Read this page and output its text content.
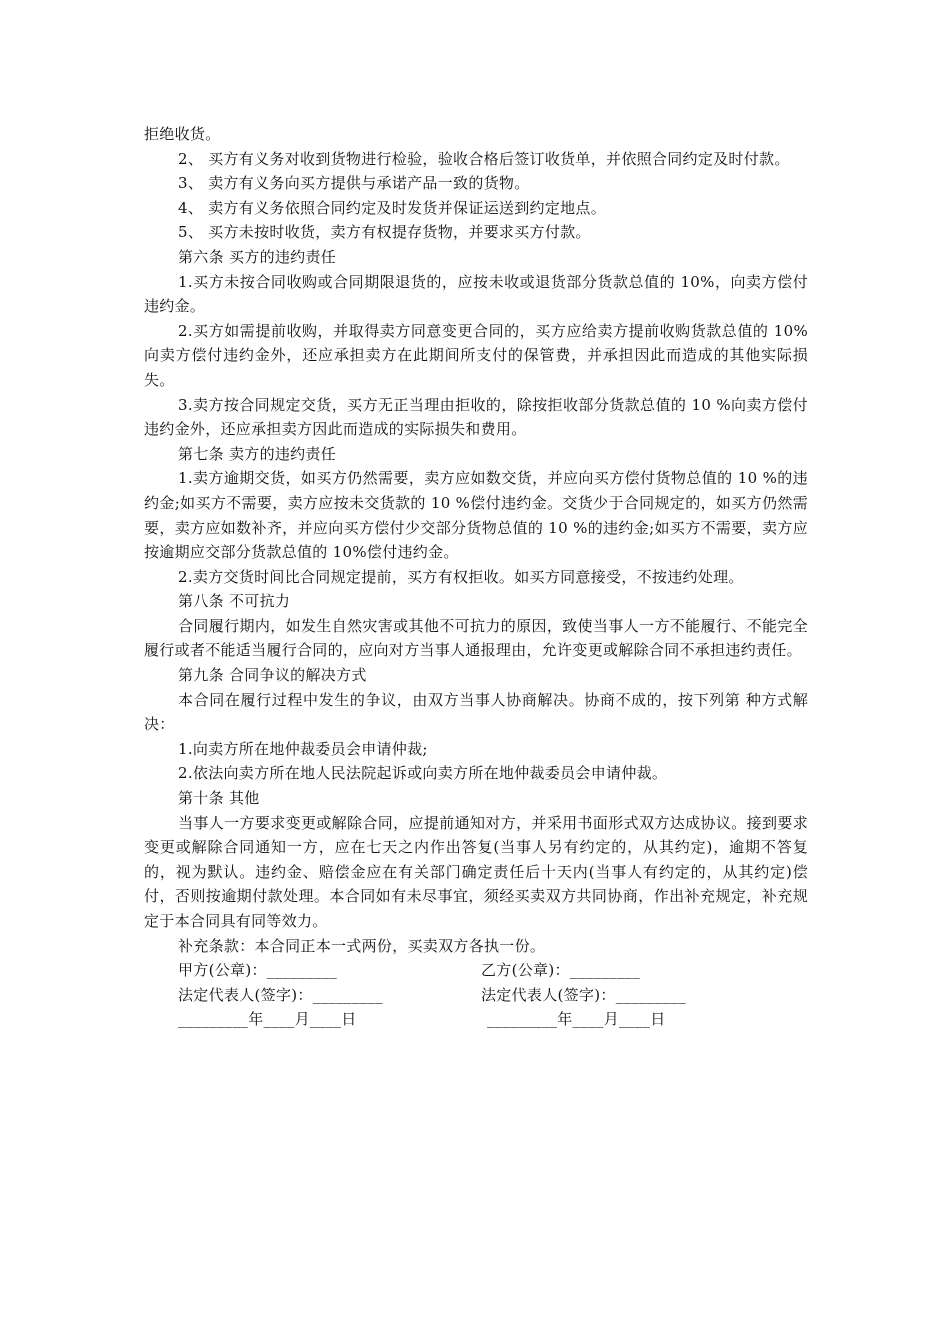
拒绝收货。

2、 买方有义务对收到货物进行检验，验收合格后签订收货单，并依照合同约定及时付款。

3、 卖方有义务向买方提供与承诺产品一致的货物。

4、 卖方有义务依照合同约定及时发货并保证运送到约定地点。

5、 买方未按时收货，卖方有权提存货物，并要求买方付款。

第六条 买方的违约责任

1.买方未按合同收购或合同期限退货的，应按未收或退货部分货款总值的 10%，向卖方偿付违约金。

2.买方如需提前收购，并取得卖方同意变更合同的，买方应给卖方提前收购货款总值的 10%向卖方偿付违约金外，还应承担卖方在此期间所支付的保管费，并承担因此而造成的其他实际损失。

3.卖方按合同规定交货，买方无正当理由拒收的，除按拒收部分货款总值的 10 %向卖方偿付违约金外，还应承担卖方因此而造成的实际损失和费用。

第七条 卖方的违约责任

1.卖方逾期交货，如买方仍然需要，卖方应如数交货，并应向买方偿付货物总值的 10 %的违约金;如买方不需要，卖方应按未交货款的 10 %偿付违约金。交货少于合同规定的，如买方仍然需要，卖方应如数补齐，并应向买方偿付少交部分货物总值的 10 %的违约金;如买方不需要，卖方应按逾期应交部分货款总值的 10%偿付违约金。

2.卖方交货时间比合同规定提前，买方有权拒收。如买方同意接受，不按违约处理。

第八条 不可抗力

合同履行期内，如发生自然灾害或其他不可抗力的原因，致使当事人一方不能履行、不能完全履行或者不能适当履行合同的，应向对方当事人通报理由，允许变更或解除合同不承担违约责任。

第九条 合同争议的解决方式

本合同在履行过程中发生的争议，由双方当事人协商解决。协商不成的，按下列第 种方式解决：

1.向卖方所在地仲裁委员会申请仲裁;

2.依法向卖方所在地人民法院起诉或向卖方所在地仲裁委员会申请仲裁。

第十条 其他

当事人一方要求变更或解除合同，应提前通知对方，并采用书面形式双方达成协议。接到要求变更或解除合同通知一方，应在七天之内作出答复(当事人另有约定的，从其约定)，逾期不答复的，视为默认。违约金、赔偿金应在有关部门确定责任后十天内(当事人有约定的，从其约定)偿付，否则按逾期付款处理。本合同如有未尽事宜，须经买卖双方共同协商，作出补充规定，补充规定于本合同具有同等效力。

补充条款：本合同正本一式两份，买卖双方各执一份。

甲方(公章)：_________	乙方(公章)：_________
法定代表人(签字)：_________	法定代表人(签字)：_________
_________年____月____日	_________年____月____日
